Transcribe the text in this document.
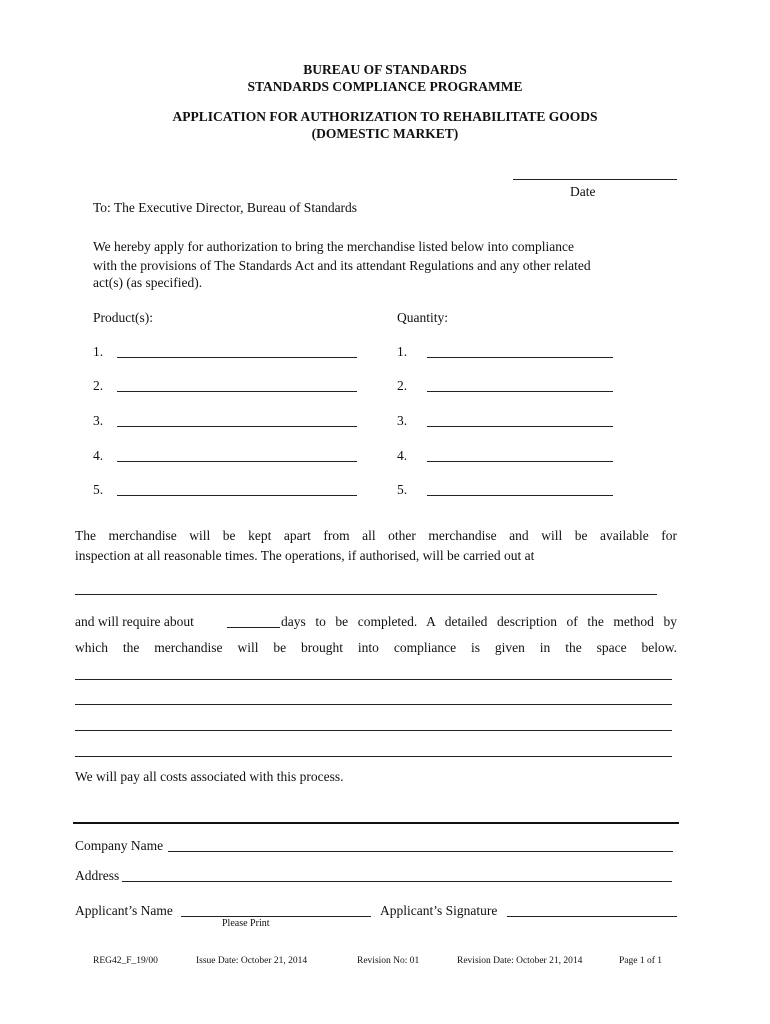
BUREAU OF STANDARDS
STANDARDS COMPLIANCE PROGRAMME
APPLICATION FOR AUTHORIZATION TO REHABILITATE GOODS
(DOMESTIC MARKET)
Date
To: The Executive Director, Bureau of Standards
We hereby apply for authorization to bring the merchandise listed below into compliance
with the provisions of The Standards Act and its attendant Regulations and any other related
act(s) (as specified).
Product(s):	Quantity:
1.	1.
2.	2.
3.	3.
4.	4.
5.	5.
The merchandise will be kept apart from all other merchandise and will be available for
inspection at all reasonable times. The operations, if authorised, will be carried out at
and will require about	days to be completed. A detailed description of the method by
which the merchandise will be brought into compliance is given in the space below.
We will pay all costs associated with this process.
Company Name
Address
Applicant’s Name
Please Print
Applicant’s Signature
REG42_F_19/00	Issue Date: October 21, 2014	Revision No: 01	Revision Date: October 21, 2014	Page 1 of 1
